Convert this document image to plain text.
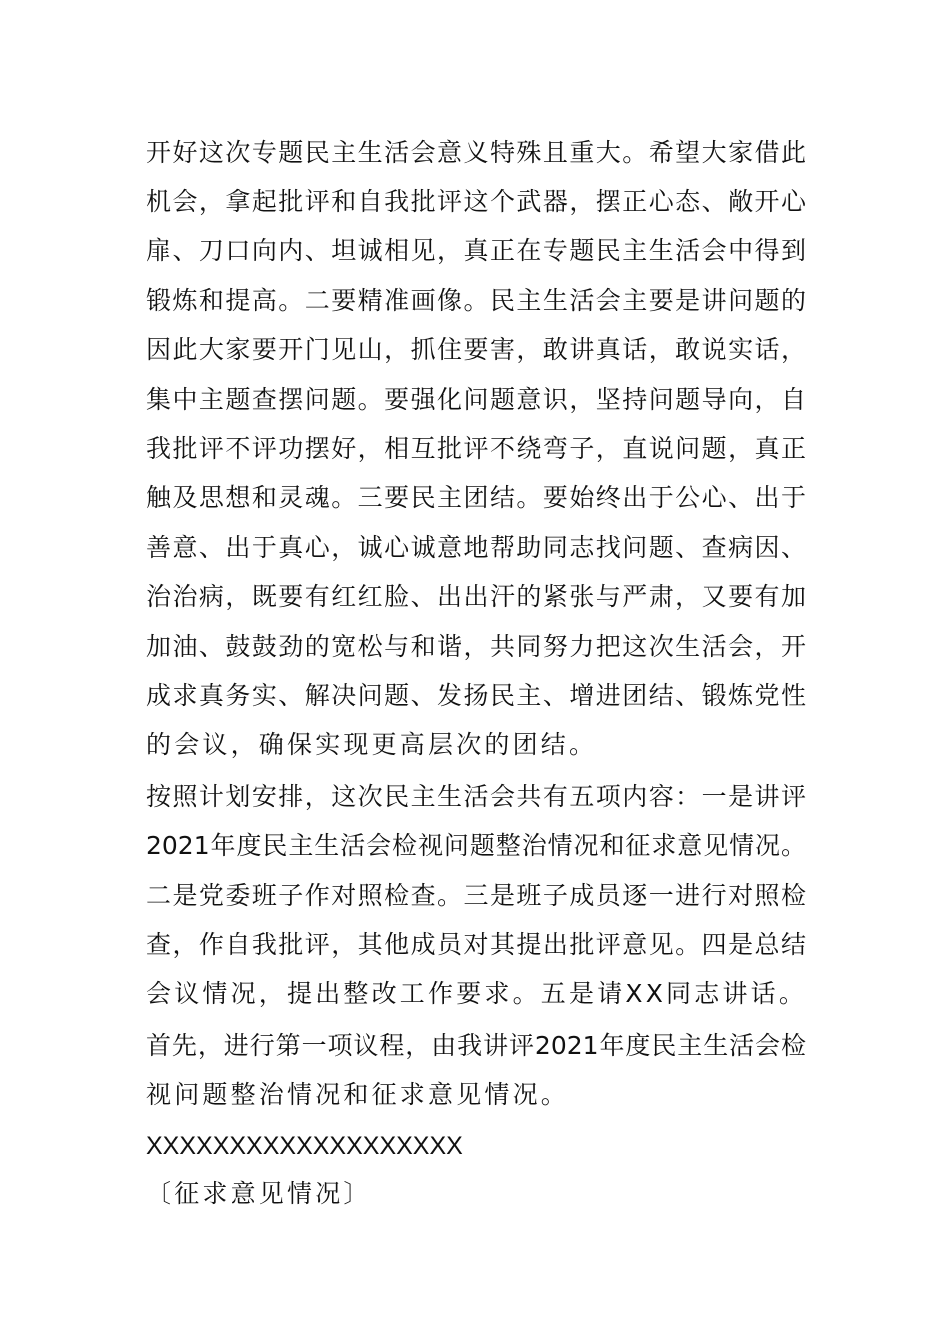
开好这次专题民主生活会意义特殊且重大。希望大家借此
机会，拿起批评和自我批评这个武器，摆正心态、敞开心
扉、刀口向内、坦诚相见，真正在专题民主生活会中得到
锻炼和提高。二要精准画像。民主生活会主要是讲问题的
因此大家要开门见山，抓住要害，敢讲真话，敢说实话，
集中主题查摆问题。要强化问题意识，坚持问题导向，自
我批评不评功摆好，相互批评不绕弯子，直说问题，真正
触及思想和灵魂。三要民主团结。要始终出于公心、出于
善意、出于真心，诚心诚意地帮助同志找问题、查病因、
治治病，既要有红红脸、出出汗的紧张与严肃，又要有加
加油、鼓鼓劲的宽松与和谐，共同努力把这次生活会，开
成求真务实、解决问题、发扬民主、增进团结、锻炼党性
的会议，确保实现更高层次的团结。
按照计划安排，这次民主生活会共有五项内容：一是讲评
2021年度民主生活会检视问题整治情况和征求意见情况。
二是党委班子作对照检查。三是班子成员逐一进行对照检
查，作自我批评，其他成员对其提出批评意见。四是总结
会议情况，提出整改工作要求。五是请XX同志讲话。
首先，进行第一项议程，由我讲评2021年度民主生活会检
视问题整治情况和征求意见情况。
XXXXXXXXXXXXXXXXXXX
〔征求意见情况〕
